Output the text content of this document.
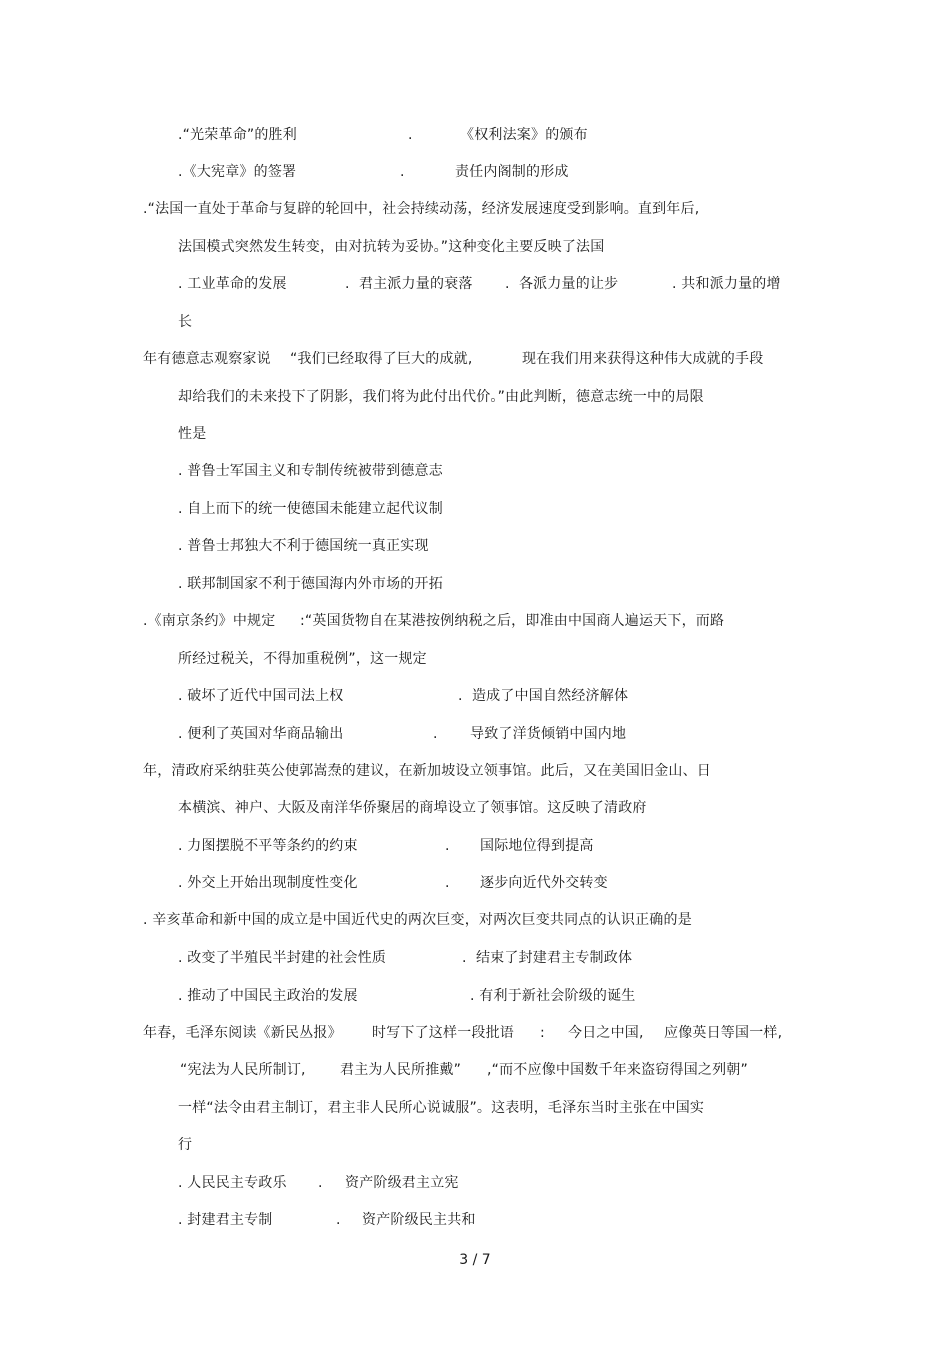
.“光荣革命”的胜利	.	《权利法案》的颁布
.《大宪章》的签署	.	责任内阁制的形成
.“法国一直处于革命与复辟的轮回中，社会持续动荡，经济发展速度受到影响。直到年后,
法国模式突然发生转变，由对抗转为妥协。”这种变化主要反映了法国
. 工业革命的发展	.  君主派力量的衰落 .  各派力量的让步	. 共和派力量的增
长
年有德意志观察家说 “我们已经取得了巨大的成就,	现在我们用来获得这种伟大成就的手段
却给我们的未来投下了阴影，我们将为此付出代价。”由此判断，德意志统一中的局限
性是
. 普鲁士军国主义和专制传统被带到德意志
. 自上而下的统一使德国未能建立起代议制
. 普鲁士邦独大不利于德国统一真正实现
. 联邦制国家不利于德国海内外市场的开拓
.《南京条约》中规定 :“英国货物自在某港按例纳税之后，即准由中国商人遍运天下，而路
所经过税关，不得加重税例”，这一规定
. 破坏了近代中国司法上权	.  造成了中国自然经济解体
. 便利了英国对华商品输出	. 导致了洋货倾销中国内地
年，清政府采纳驻英公使郭嵩焘的建议，在新加坡设立领事馆。此后，又在美国旧金山、日
本横滨、神户、大阪及南洋华侨聚居的商埠设立了领事馆。这反映了清政府
. 力图摆脱不平等条约的约束	. 国际地位得到提高
. 外交上开始出现制度性变化	. 逐步向近代外交转变
. 辛亥革命和新中国的成立是中国近代史的两次巨变，对两次巨变共同点的认识正确的是
. 改变了半殖民半封建的社会性质	.  结束了封建君主专制政体
. 推动了中国民主政治的发展	. 有利于新社会阶级的诞生
年春，毛泽东阅读《新民丛报》 时写下了这样一段批语 : 今日之中国, 应像英日等国一样,
“宪法为人民所制订, 君主为人民所推戴” ,“而不应像中国数千年来盗窃得国之列朝”
一样“法令由君主制订，君主非人民所心说诚服”。这表明，毛泽东当时主张在中国实
行
. 人民民主专政乐 . 资产阶级君主立宪
. 封建君主专制	. 资产阶级民主共和
3 / 7
